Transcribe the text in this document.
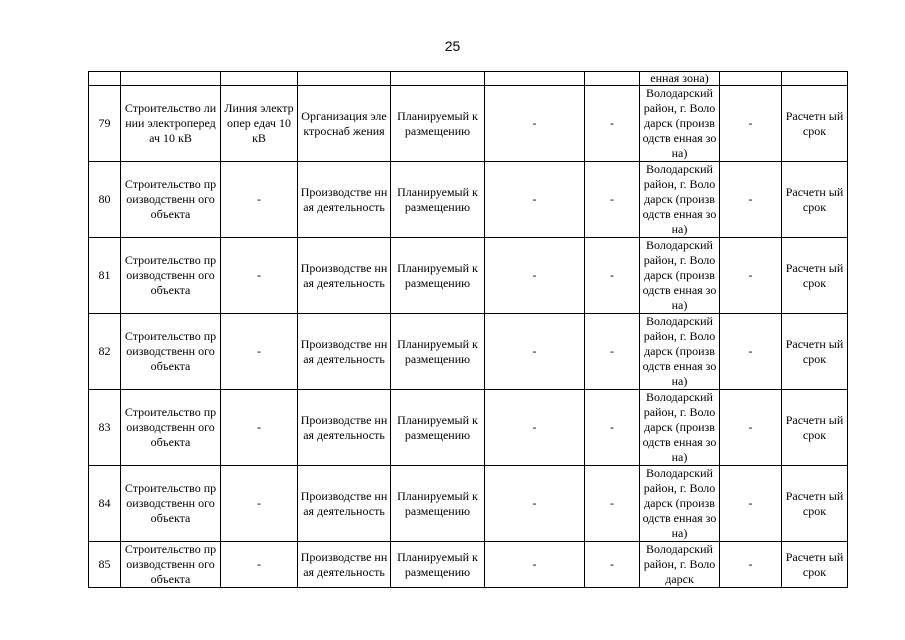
25
							енная зона)		
79	Строительство линии электропередач 10 кВ	Линия электропер едач 10 кВ	Организация электроснаб жения	Планируемый к размещению	-	-	Володарский район, г. Володарск (производств енная зона)	-	Расчетн ый срок
80	Строительство производственн ого объекта	-	Производстве нная деятельность	Планируемый к размещению	-	-	Володарский район, г. Володарск (производств енная зона)	-	Расчетн ый срок
81	Строительство производственн ого объекта	-	Производстве нная деятельность	Планируемый к размещению	-	-	Володарский район, г. Володарск (производств енная зона)	-	Расчетн ый срок
82	Строительство производственн ого объекта	-	Производстве нная деятельность	Планируемый к размещению	-	-	Володарский район, г. Володарск (производств енная зона)	-	Расчетн ый срок
83	Строительство производственн ого объекта	-	Производстве нная деятельность	Планируемый к размещению	-	-	Володарский район, г. Володарск (производств енная зона)	-	Расчетн ый срок
84	Строительство производственн ого объекта	-	Производстве нная деятельность	Планируемый к размещению	-	-	Володарский район, г. Володарск (производств енная зона)	-	Расчетн ый срок
85	Строительство производственн ого объекта	-	Производстве нная деятельность	Планируемый к размещению	-	-	Володарский район, г. Володарск	-	Расчетн ый срок
